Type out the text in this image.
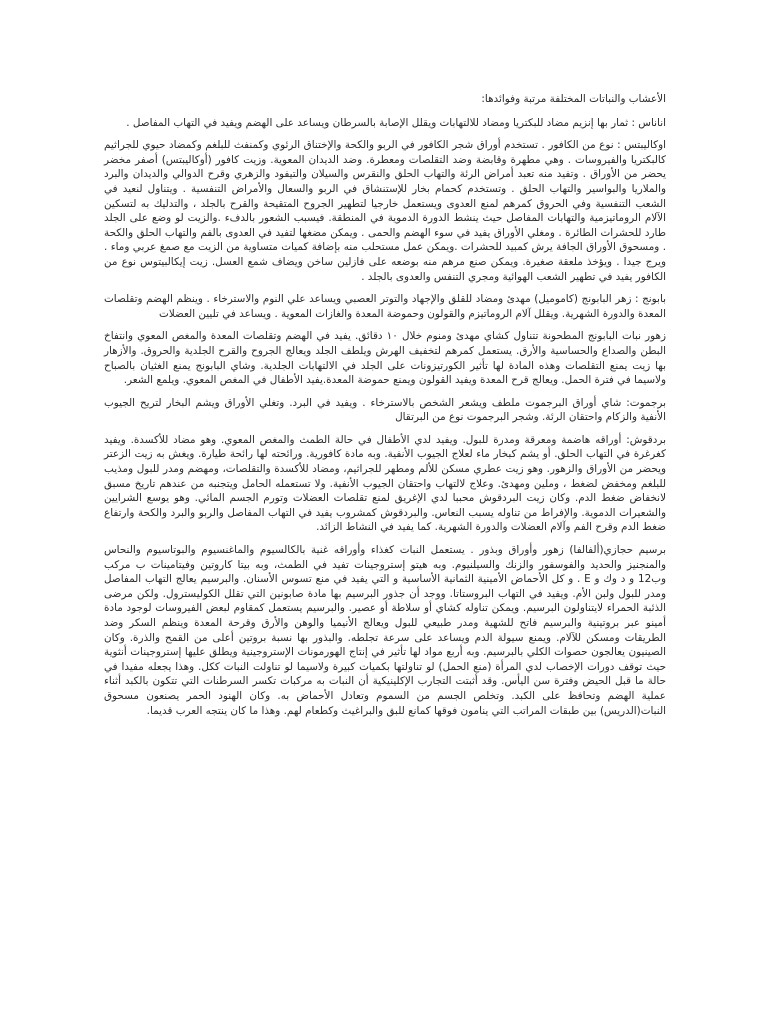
الأعشاب والنباتات المختلفة مرتبة وفوائدها:

اناناس : ثمار بها إنزيم مضاد للبكتريا ومضاد للالتهابات ويقلل الإصابة بالسرطان ويساعد على الهضم ويفيد في التهاب المفاصل .

اوكاليبتس : نوع من الكافور . تستخدم أوراق شجر الكافور في الربو والكحة والإختناق الرئوي وكمنفث للبلغم وكمضاد حيوي للجراثيم كالبكتريا والفيروسات . وهي مطهرة وقابضة وضد التقلصات ومعطرة. وضد الديدان المعوية. وزيت كافور (أوكاليبتس) أصفر مخضر يحضر من الأوراق . وتفيد منه تعبد أمراض الرئة والتهاب الحلق والنقرس والسيلان والتيفود والزهري وقرح الدوالي والديدان والبرد والملاريا والبواسير والتهاب الحلق . وتستخدم كحمام بخار للإستنشاق في الربو والسعال والأمراض التنفسية . ويتناول لنعيد في الشعب التنفسية وفي الحروق كمرهم لمنع العدوى ويستعمل خارجيا لتطهير الجروح المتقيحة والقرح بالجلد ، والتدليك به لتسكين الآلام الروماتيزمية والتهابات المفاصل حيث ينشط الدورة الدموية في المنطقة. فيسبب الشعور بالدفء .والزيت لو وضع على الجلد طارد للحشرات الطائرة . ومغلي الأوراق يفيد في سوء الهضم والحمى . ويمكن مضغها لتفيد في العدوى بالفم والتهاب الحلق والكحة . ومسحوق الأوراق الجافة يرش كمبيد للحشرات .ويمكن عمل مستحلب منه بإضافة كميات متساوية من الزيت مع صمغ عربي وماء . ويرج جيدا . ويؤخذ ملعقة صغيرة. ويمكن صنع مرهم منه بوضعه على فازلين ساخن ويضاف شمع العسل. زيت إيكالبيتوس نوع من الكافور يفيد في تطهير الشعب الهوائية ومجري التنفس والعدوى بالجلد .

بابونج : زهر البابونج (كاموميل) مهدئ ومضاد للقلق والإجهاد والتوتر العصبي ويساعد علي النوم والاسترخاء . وينظم الهضم وتقلصات المعدة والدورة الشهرية. ويقلل آلام الروماتيزم والقولون وحموضة المعدة والغازات المعوية . ويساعد في تليين العضلات

زهور نبات البابونج المطحونة تتناول كشاي مهدئ ومنوم خلال ١٠ دقائق. يفيد في الهضم وتقلصات المعدة والمغص المعوي وانتفاخ البطن والصداع والحساسية والأرق. يستعمل كمرهم لتخفيف الهرش ويلطف الجلد ويعالج الجروح والقرح الجلدية والحروق. والأزهار بها زيت يمنع التقلصات وهذه المادة لها تأثير الكورتيزونات على الجلد في الالتهابات الجلدية. وشاي البابونج يمنع الغثيان بالصباح ولاسيما في فترة الحمل. ويعالج قرح المعدة ويفيد القولون ويمنع حموضة المعدة.يفيد الأطفال في المغص المعوي. ويلمع الشعر.

برجموت: شاي أوراق البرجموت ملطف ويشعر الشخص بالاسترخاء . ويفيد في البرد. وتغلي الأوراق ويشم البخار لتريح الجيوب الأنفية والزكام واحتقان الرئة. وشجر البرجموت نوع من البرتقال

بردقوش: أوراقه هاضمة ومعرقة ومدرة للبول. ويفيد لدي الأطفال في حالة الطمث والمغص المعوي. وهو مضاد للأكسدة. ويفيد كغرغرة في التهاب الحلق. أو يشم كبخار ماء لعلاج الجيوب الأنفية. وبه مادة كافورية. ورائحته لها رائحة طيارة. ويغش به زيت الزعتر ويحضر من الأوراق والزهور. وهو زيت عطري مسكن للألم ومطهر للجراثيم، ومضاد للأكسدة والتقلصات، ومهضم ومدر للبول ومذيب للبلغم ومخفض لضغط ، وملين ومهدئ. وعلاج لالتهاب واحتقان الجيوب الأنفية. ولا تستعمله الحامل ويتجنبه من عندهم تاريخ مسبق لانخفاض ضغط الدم. وكان زيت البردقوش محببا لدي الإغريق لمنع تقلصات العضلات وتورم الجسم المائي. وهو يوسع الشرايين والشعيرات الدموية. والإفراط من تناوله يسبب النعاس. والبردقوش كمشروب يفيد في التهاب المفاصل والربو والبرد والكحة وارتفاع ضغط الدم وقرح الفم وآلام العضلات والدورة الشهرية. كما يفيد في النشاط الزائد.

برسيم حجازي(ألفالفا) زهور وأوراق وبذور . يستعمل النبات كغذاء وأوراقه غنية بالكالسيوم والماغنسيوم والبوتاسيوم والنحاس والمنجنيز والحديد والفوسفور والزنك والسيلنيوم. وبه هيتو إستروجينات تفيد في الطمث، وبه بيتا كاروتين وفيتامينات ب مركب وب12 و د وك و E . و كل الأحماض الأمينية الثمانية الأساسية و التي يفيد في منع تسوس الأسنان. والبرسيم يعالج التهاب المفاصل ومدر للبول ولبن الأم. ويفيد في التهاب البروستاتا. ووجد أن جذور البرسيم بها مادة صابونين التي تقلل الكوليسترول. ولكن مرضى الذئبة الحمراء لايتناولون البرسيم. ويمكن تناوله كشاي أو سلاطة أو عصير. والبرسيم يستعمل كمقاوم لبعض الفيروسات لوجود مادة أمينو عبر بروتينية والبرسيم فاتح للشهية ومدر طبيعي للبول ويعالج الأنيميا والوهن والأرق وقرحة المعدة وينظم السكر وضد الطريقات ومسكن للآلام. ويمنع سيولة الدم ويساعد على سرعة تجلطه. والبذور بها نسبة بروتين أعلى من القمح والذرة. وكان الصينيون يعالجون حصوات الكلي بالبرسيم. وبه أربع مواد لها تأثير في إنتاج الهورمونات الإستروجينية ويطلق عليها إستروجينات أنثوية حيث توقف دورات الإخصاب لدي المرأة (منع الحمل) لو تناولتها بكميات كبيرة ولاسيما لو تناولت النبات ككل. وهذا يجعله مفيدا في حالة ما قبل الحيض وفترة سن اليأس. وقد أثبتت التجارب الإكلينيكية أن النبات به مركبات تكسر السرطنات التي تتكون بالكبد أثناء عملية الهضم وتحافظ على الكبد. وتخلص الجسم من السموم وتعادل الأحماض به. وكان الهنود الحمر يصنعون مسحوق النبات(الدريس) بين طبقات المراتب التي ينامون فوقها كمانع للبق والبراغيث وكطعام لهم. وهذا ما كان ينتجه العرب قديما.
